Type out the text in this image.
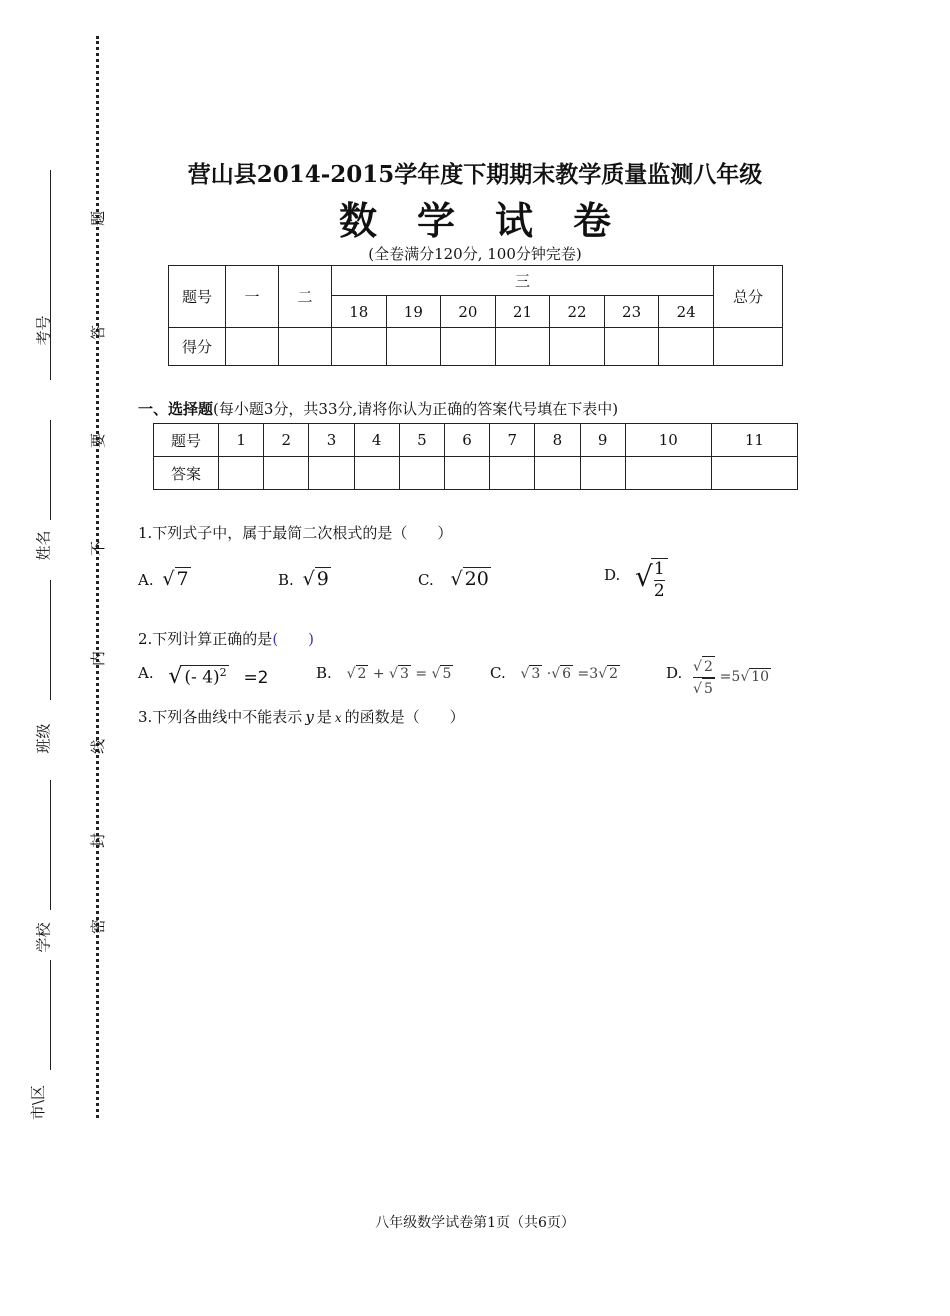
考号
姓名
班级
学校
市\区
题
答
要
不
内
线
封
密
营山县2014-2015学年度下期期末教学质量监测八年级
数 学 试 卷
(全卷满分120分, 100分钟完卷)
题号	一	二	三							总分
			18	19	20	21	22	23	24	
得分										
一、选择题(每小题3分，共33分,请将你认为正确的答案代号填在下表中)
题号	1	2	3	4	5	6	7	8	9	10	11
答案											
1.下列式子中，属于最简二次根式的是（　　）
A. √ 7	B. √ 9	C. √ 20	D. √
$\frac{1}{2}$
2.下列计算正确的是(　　)
A. √ (- 4)$^2$ =2	B. √ 2 + √ 3 = √ 5	C. √ 3 ·√ 6 =3√ 2	D. $\frac{√ 2}{√ 5} =5√$ 10
3.下列各曲线中不能表示 y 是 x 的函数是（　　）
八年级数学试卷第1页（共6页）
